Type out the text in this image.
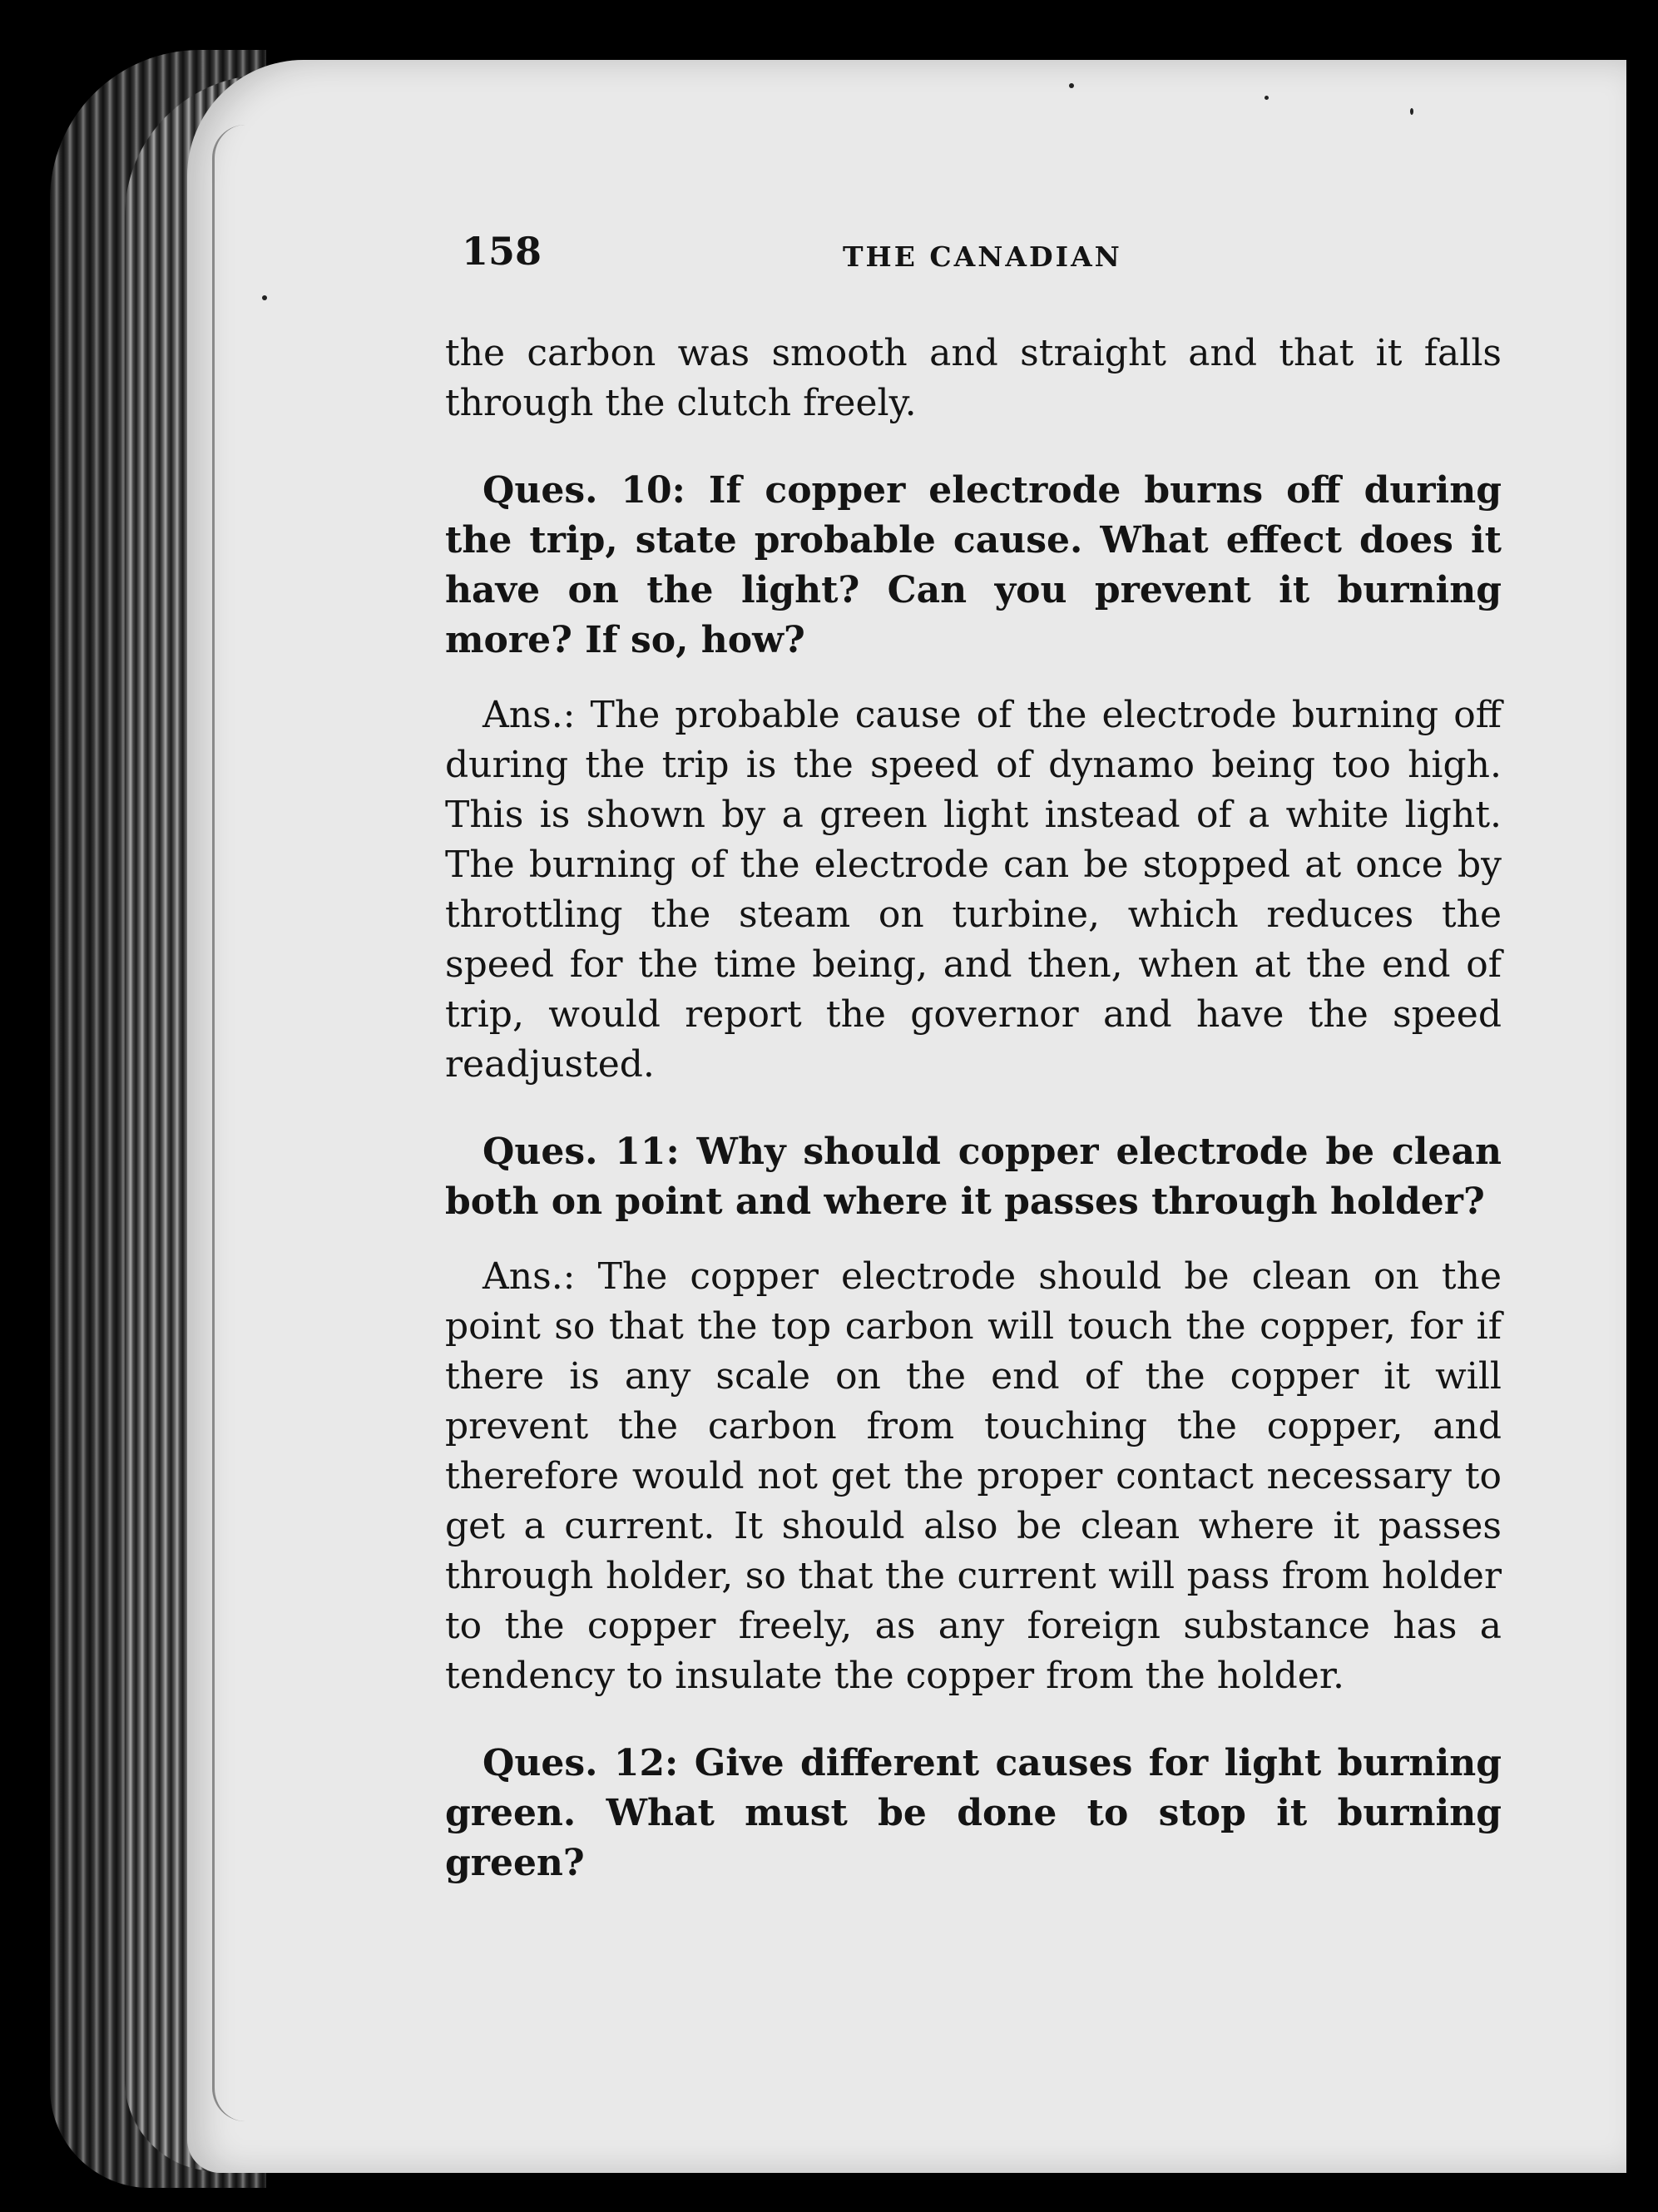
158	THE CANADIAN

the carbon was smooth and straight and that it falls through the clutch freely.

Ques. 10: If copper electrode burns off during the trip, state probable cause. What effect does it have on the light? Can you prevent it burning more? If so, how?

Ans.: The probable cause of the electrode burning off during the trip is the speed of dynamo being too high. This is shown by a green light instead of a white light. The burning of the electrode can be stopped at once by throttling the steam on turbine, which reduces the speed for the time being, and then, when at the end of trip, would report the governor and have the speed readjusted.

Ques. 11: Why should copper electrode be clean both on point and where it passes through holder?

Ans.: The copper electrode should be clean on the point so that the top carbon will touch the copper, for if there is any scale on the end of the copper it will prevent the carbon from touching the copper, and therefore would not get the proper contact necessary to get a current. It should also be clean where it passes through holder, so that the current will pass from holder to the copper freely, as any foreign substance has a tendency to insulate the copper from the holder.

Ques. 12: Give different causes for light burning green. What must be done to stop it burning green?
